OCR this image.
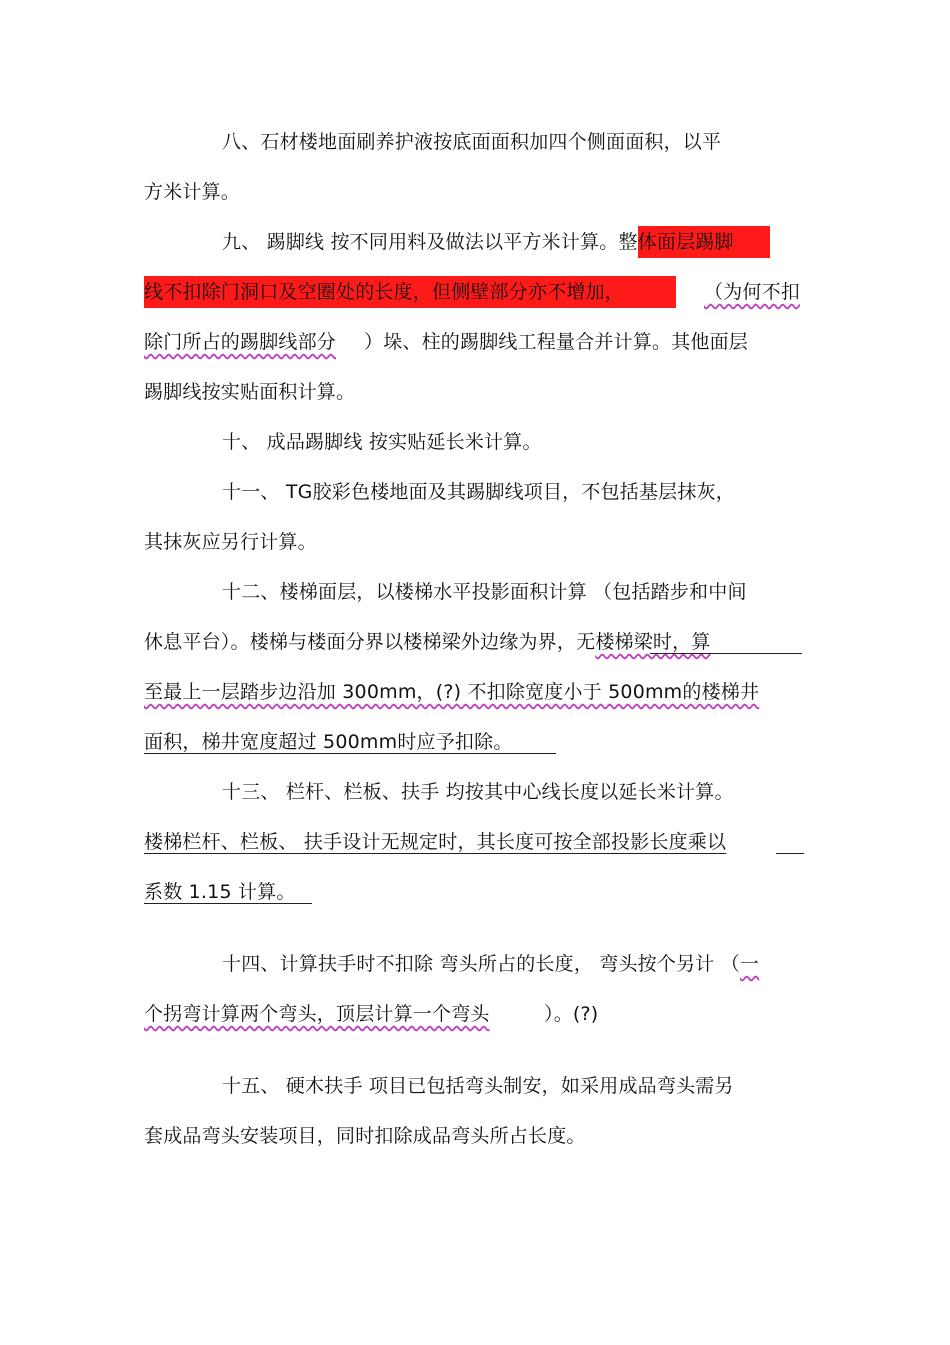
八、石材楼地面刷养护液按底面面积加四个侧面面积，以平
方米计算。
九、 踢脚线 按不同用料及做法以平方米计算。整体面层踢脚
线不扣除门洞口及空圈处的长度，但侧壁部分亦不增加，	（为何不扣
除门所占的踢脚线部分 ）垛、柱的踢脚线工程量合并计算。其他面层
踢脚线按实贴面积计算。
十、 成品踢脚线 按实贴延长米计算。
十一、 TG胶彩色楼地面及其踢脚线项目，不包括基层抹灰，
其抹灰应另行计算。
十二、楼梯面层，以楼梯水平投影面积计算 （包括踏步和中间
休息平台）。楼梯与楼面分界以楼梯梁外边缘为界，无楼梯梁时，算
至最上一层踏步边沿加 300mm，(?) 不扣除宽度小于 500mm的楼梯井
面积，梯井宽度超过 500mm时应予扣除。
十三、 栏杆、栏板、扶手 均按其中心线长度以延长米计算。
楼梯栏杆、栏板、 扶手设计无规定时，其长度可按全部投影长度乘以
系数 1.15 计算。
十四、计算扶手时不扣除 弯头所占的长度， 弯头按个另计 （一
个拐弯计算两个弯头，顶层计算一个弯头	）。(?)
十五、 硬木扶手 项目已包括弯头制安，如采用成品弯头需另
套成品弯头安装项目，同时扣除成品弯头所占长度。
